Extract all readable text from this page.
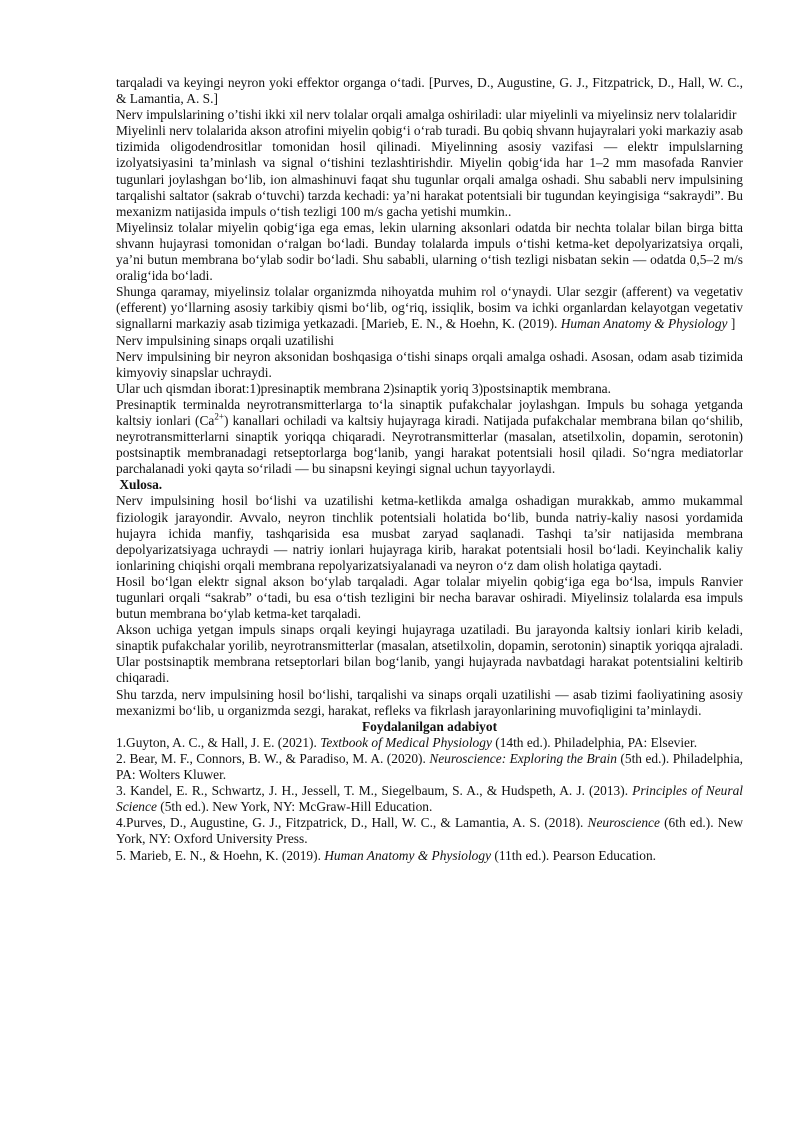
tarqaladi va keyingi neyron yoki effektor organga o‘tadi. [Purves, D., Augustine, G. J., Fitzpatrick, D., Hall, W. C., & Lamantia, A. S.]

Nerv impulslarining o’tishi ikki xil nerv tolalar orqali amalga oshiriladi: ular miyelinli va miyelinsiz nerv tolalaridir

Miyelinli nerv tolalarida akson atrofini miyelin qobig‘i o‘rab turadi. Bu qobiq shvann hujayralari yoki markaziy asab tizimida oligodendrositlar tomonidan hosil qilinadi. Miyelinning asosiy vazifasi — elektr impulslarning izolyatsiyasini ta’minlash va signal o‘tishini tezlashtirishdir. Miyelin qobig‘ida har 1–2 mm masofada Ranvier tugunlari joylashgan bo‘lib, ion almashinuvi faqat shu tugunlar orqali amalga oshadi. Shu sababli nerv impulsining tarqalishi saltator (sakrab o‘tuvchi) tarzda kechadi: ya’ni harakat potentsiali bir tugundan keyingisiga “sakraydi”. Bu mexanizm natijasida impuls o‘tish tezligi 100 m/s gacha yetishi mumkin..

Miyelinsiz tolalar miyelin qobig‘iga ega emas, lekin ularning aksonlari odatda bir nechta tolalar bilan birga bitta shvann hujayrasi tomonidan o‘ralgan bo‘ladi. Bunday tolalarda impuls o‘tishi ketma-ket depolyarizatsiya orqali, ya’ni butun membrana bo‘ylab sodir bo‘ladi. Shu sababli, ularning o‘tish tezligi nisbatan sekin — odatda 0,5–2 m/s oralig‘ida bo‘ladi.

Shunga qaramay, miyelinsiz tolalar organizmda nihoyatda muhim rol o‘ynaydi. Ular sezgir (afferent) va vegetativ (efferent) yo‘llarning asosiy tarkibiy qismi bo‘lib, og‘riq, issiqlik, bosim va ichki organlardan kelayotgan vegetativ signallarni markaziy asab tizimiga yetkazadi. [Marieb, E. N., & Hoehn, K. (2019). Human Anatomy & Physiology ]

Nerv impulsining sinaps orqali uzatilishi

Nerv impulsining bir neyron aksonidan boshqasiga o‘tishi sinaps orqali amalga oshadi. Asosan, odam asab tizimida kimyoviy sinapslar uchraydi.

Ular uch qismdan iborat:1)presinaptik membrana 2)sinaptik yoriq 3)postsinaptik membrana.

Presinaptik terminalda neyrotransmitterlarga to‘la sinaptik pufakchalar joylashgan. Impuls bu sohaga yetganda kaltsiy ionlari $(Ca^{2+})$ kanallari ochiladi va kaltsiy hujayraga kiradi. Natijada pufakchalar membrana bilan qo‘shilib, neyrotransmitterlarni sinaptik yoriqqa chiqaradi. Neyrotransmitterlar (masalan, atsetilxolin, dopamin, serotonin) postsinaptik membranadagi retseptorlarga bog‘lanib, yangi harakat potentsiali hosil qiladi. So‘ngra mediatorlar parchalanadi yoki qayta so‘riladi — bu sinapsni keyingi signal uchun tayyorlaydi.

Xulosa.

Nerv impulsining hosil bo‘lishi va uzatilishi ketma-ketlikda amalga oshadigan murakkab, ammo mukammal fiziologik jarayondir. Avvalo, neyron tinchlik potentsiali holatida bo‘lib, bunda natriy-kaliy nasosi yordamida hujayra ichida manfiy, tashqarisida esa musbat zaryad saqlanadi. Tashqi ta’sir natijasida membrana depolyarizatsiyaga uchraydi — natriy ionlari hujayraga kirib, harakat potentsiali hosil bo‘ladi. Keyinchalik kaliy ionlarining chiqishi orqali membrana repolyarizatsiyalanadi va neyron o‘z dam olish holatiga qaytadi.

Hosil bo‘lgan elektr signal akson bo‘ylab tarqaladi. Agar tolalar miyelin qobig‘iga ega bo‘lsa, impuls Ranvier tugunlari orqali “sakrab” o‘tadi, bu esa o‘tish tezligini bir necha baravar oshiradi. Miyelinsiz tolalarda esa impuls butun membrana bo‘ylab ketma-ket tarqaladi.

Akson uchiga yetgan impuls sinaps orqali keyingi hujayraga uzatiladi. Bu jarayonda kaltsiy ionlari kirib keladi, sinaptik pufakchalar yorilib, neyrotransmitterlar (masalan, atsetilxolin, dopamin, serotonin) sinaptik yoriqqa ajraladi. Ular postsinaptik membrana retseptorlari bilan bog‘lanib, yangi hujayrada navbatdagi harakat potentsialini keltirib chiqaradi.

Shu tarzda, nerv impulsining hosil bo‘lishi, tarqalishi va sinaps orqali uzatilishi — asab tizimi faoliyatining asosiy mexanizmi bo‘lib, u organizmda sezgi, harakat, refleks va fikrlash jarayonlarining muvofiqligini ta’minlaydi.

Foydalanilgan adabiyot

1.Guyton, A. C., & Hall, J. E. (2021). Textbook of Medical Physiology (14th ed.). Philadelphia, PA: Elsevier.

2. Bear, M. F., Connors, B. W., & Paradiso, M. A. (2020). Neuroscience: Exploring the Brain (5th ed.). Philadelphia, PA: Wolters Kluwer.

3. Kandel, E. R., Schwartz, J. H., Jessell, T. M., Siegelbaum, S. A., & Hudspeth, A. J. (2013). Principles of Neural Science (5th ed.). New York, NY: McGraw-Hill Education.

4.Purves, D., Augustine, G. J., Fitzpatrick, D., Hall, W. C., & Lamantia, A. S. (2018). Neuroscience (6th ed.). New York, NY: Oxford University Press.

5. Marieb, E. N., & Hoehn, K. (2019). Human Anatomy & Physiology (11th ed.). Pearson Education.
